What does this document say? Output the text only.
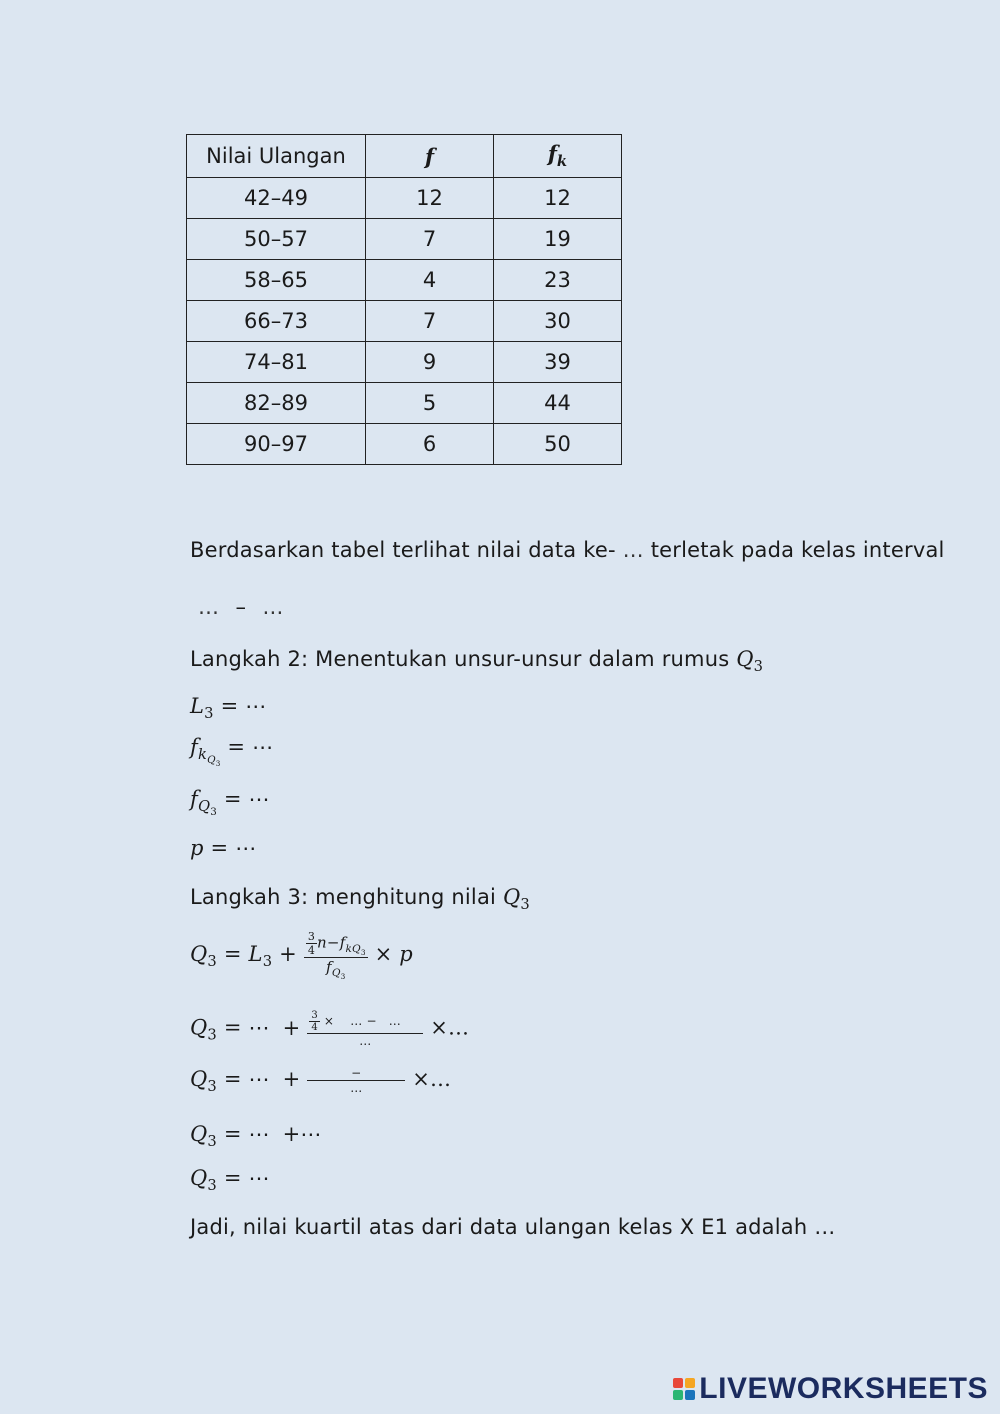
Nilai Ulangan	f	$f_k$
42–49	12	12
50–57	7	19
58–65	4	23
66–73	7	30
74–81	9	39
82–89	5	44
90–97	6	50
Berdasarkan tabel terlihat nilai data ke- … terletak pada kelas interval
… – …
Langkah 2: Menentukan unsur-unsur dalam rumus $Q_3$
$L_3$ = ⋯
$f_{k_{Q_3}}$ = ⋯
$f_{Q_3}$ = ⋯
p = ⋯
Langkah 3: menghitung nilai $Q_3$
$Q_3 = L_3 + \frac{\frac{3}{4} n-f_{kQ_3}}{f_{Q_3}} \times p$
$Q_3$ = ⋯ + $\frac{\frac{3}{4} \times \dots - \dots}{\dots}$ ×…
$Q_3$ = ⋯ + $\frac{-}{\dots}$ ×…
$Q_3$ = ⋯ +⋯
$Q_3$ = ⋯
Jadi, nilai kuartil atas dari data ulangan kelas X E1 adalah …
LIVEWORKSHEETS
